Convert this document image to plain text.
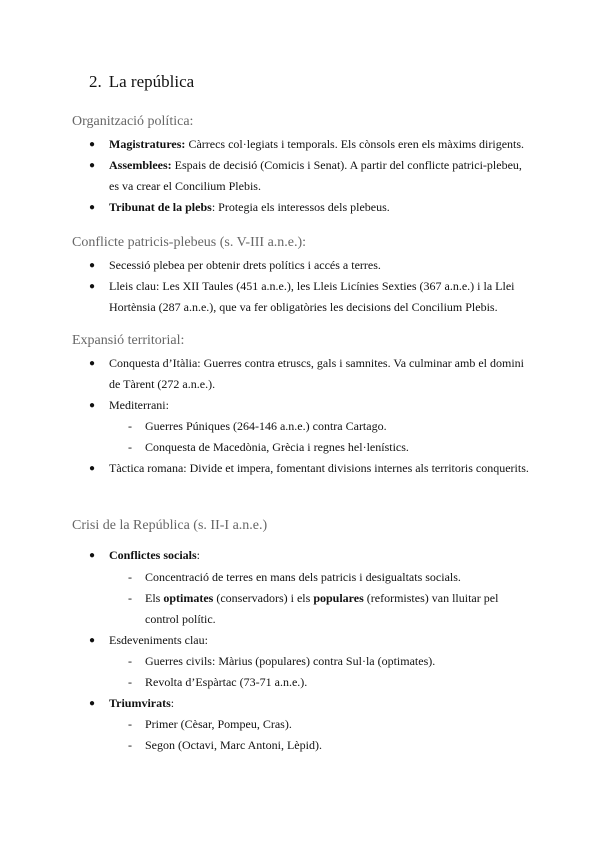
2. La república
Organització política:
● Magistratures: Càrrecs col·legiats i temporals. Els cònsols eren els màxims dirigents.
● Assemblees: Espais de decisió (Comicis i Senat). A partir del conflicte patrici-plebeu, es va crear el Concilium Plebis.
● Tribunat de la plebs: Protegia els interessos dels plebeus.
Conflicte patricis-plebeus (s. V-III a.n.e.):
● Secessió plebea per obtenir drets polítics i accés a terres.
● Lleis clau: Les XII Taules (451 a.n.e.), les Lleis Licínies Sexties (367 a.n.e.) i la Llei Hortènsia (287 a.n.e.), que va fer obligatòries les decisions del Concilium Plebis.
Expansió territorial:
● Conquesta d’Itàlia: Guerres contra etruscs, gals i samnites. Va culminar amb el domini de Tàrent (272 a.n.e.).
● Mediterrani:
- Guerres Púniques (264-146 a.n.e.) contra Cartago.
- Conquesta de Macedònia, Grècia i regnes hel·lenístics.
● Tàctica romana: Divide et impera, fomentant divisions internes als territoris conquerits.
Crisi de la República (s. II-I a.n.e.)
● Conflictes socials:
- Concentració de terres en mans dels patricis i desigualtats socials.
- Els optimates (conservadors) i els populares (reformistes) van lluitar pel control polític.
● Esdeveniments clau:
- Guerres civils: Màrius (populares) contra Sul·la (optimates).
- Revolta d’Espàrtac (73-71 a.n.e.).
● Triumvirats:
- Primer (Cèsar, Pompeu, Cras).
- Segon (Octavi, Marc Antoni, Lèpid).
